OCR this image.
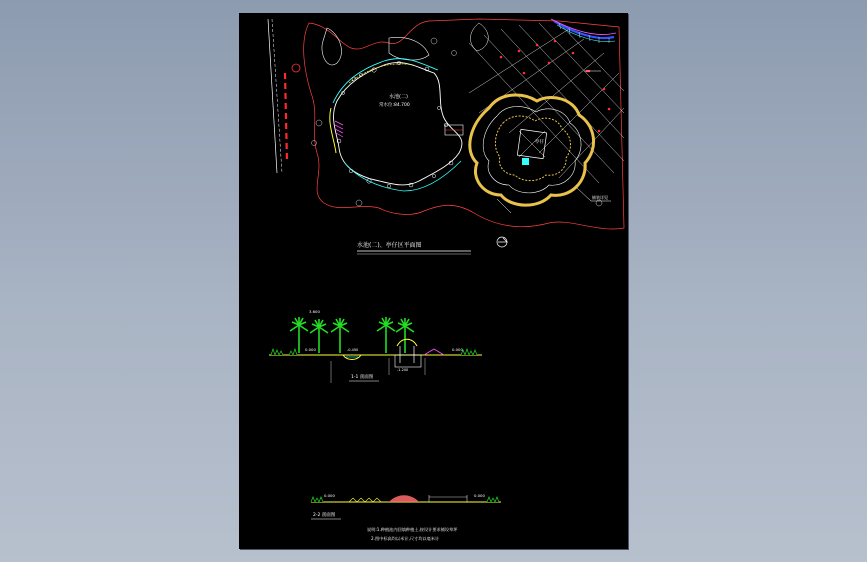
水池(二)
常水位:84.700
亭仔
铺装详见
水池(二)、亭仔区平面图
0.000	0.000
3.600
-0.450
-1.200
1-1 剖面图
0.000	0.000
2-2 剖面图
说明:1.种植池内回填种植土,按设计要求铺设草坪
2.图中标高均以米计,尺寸均以毫米计
